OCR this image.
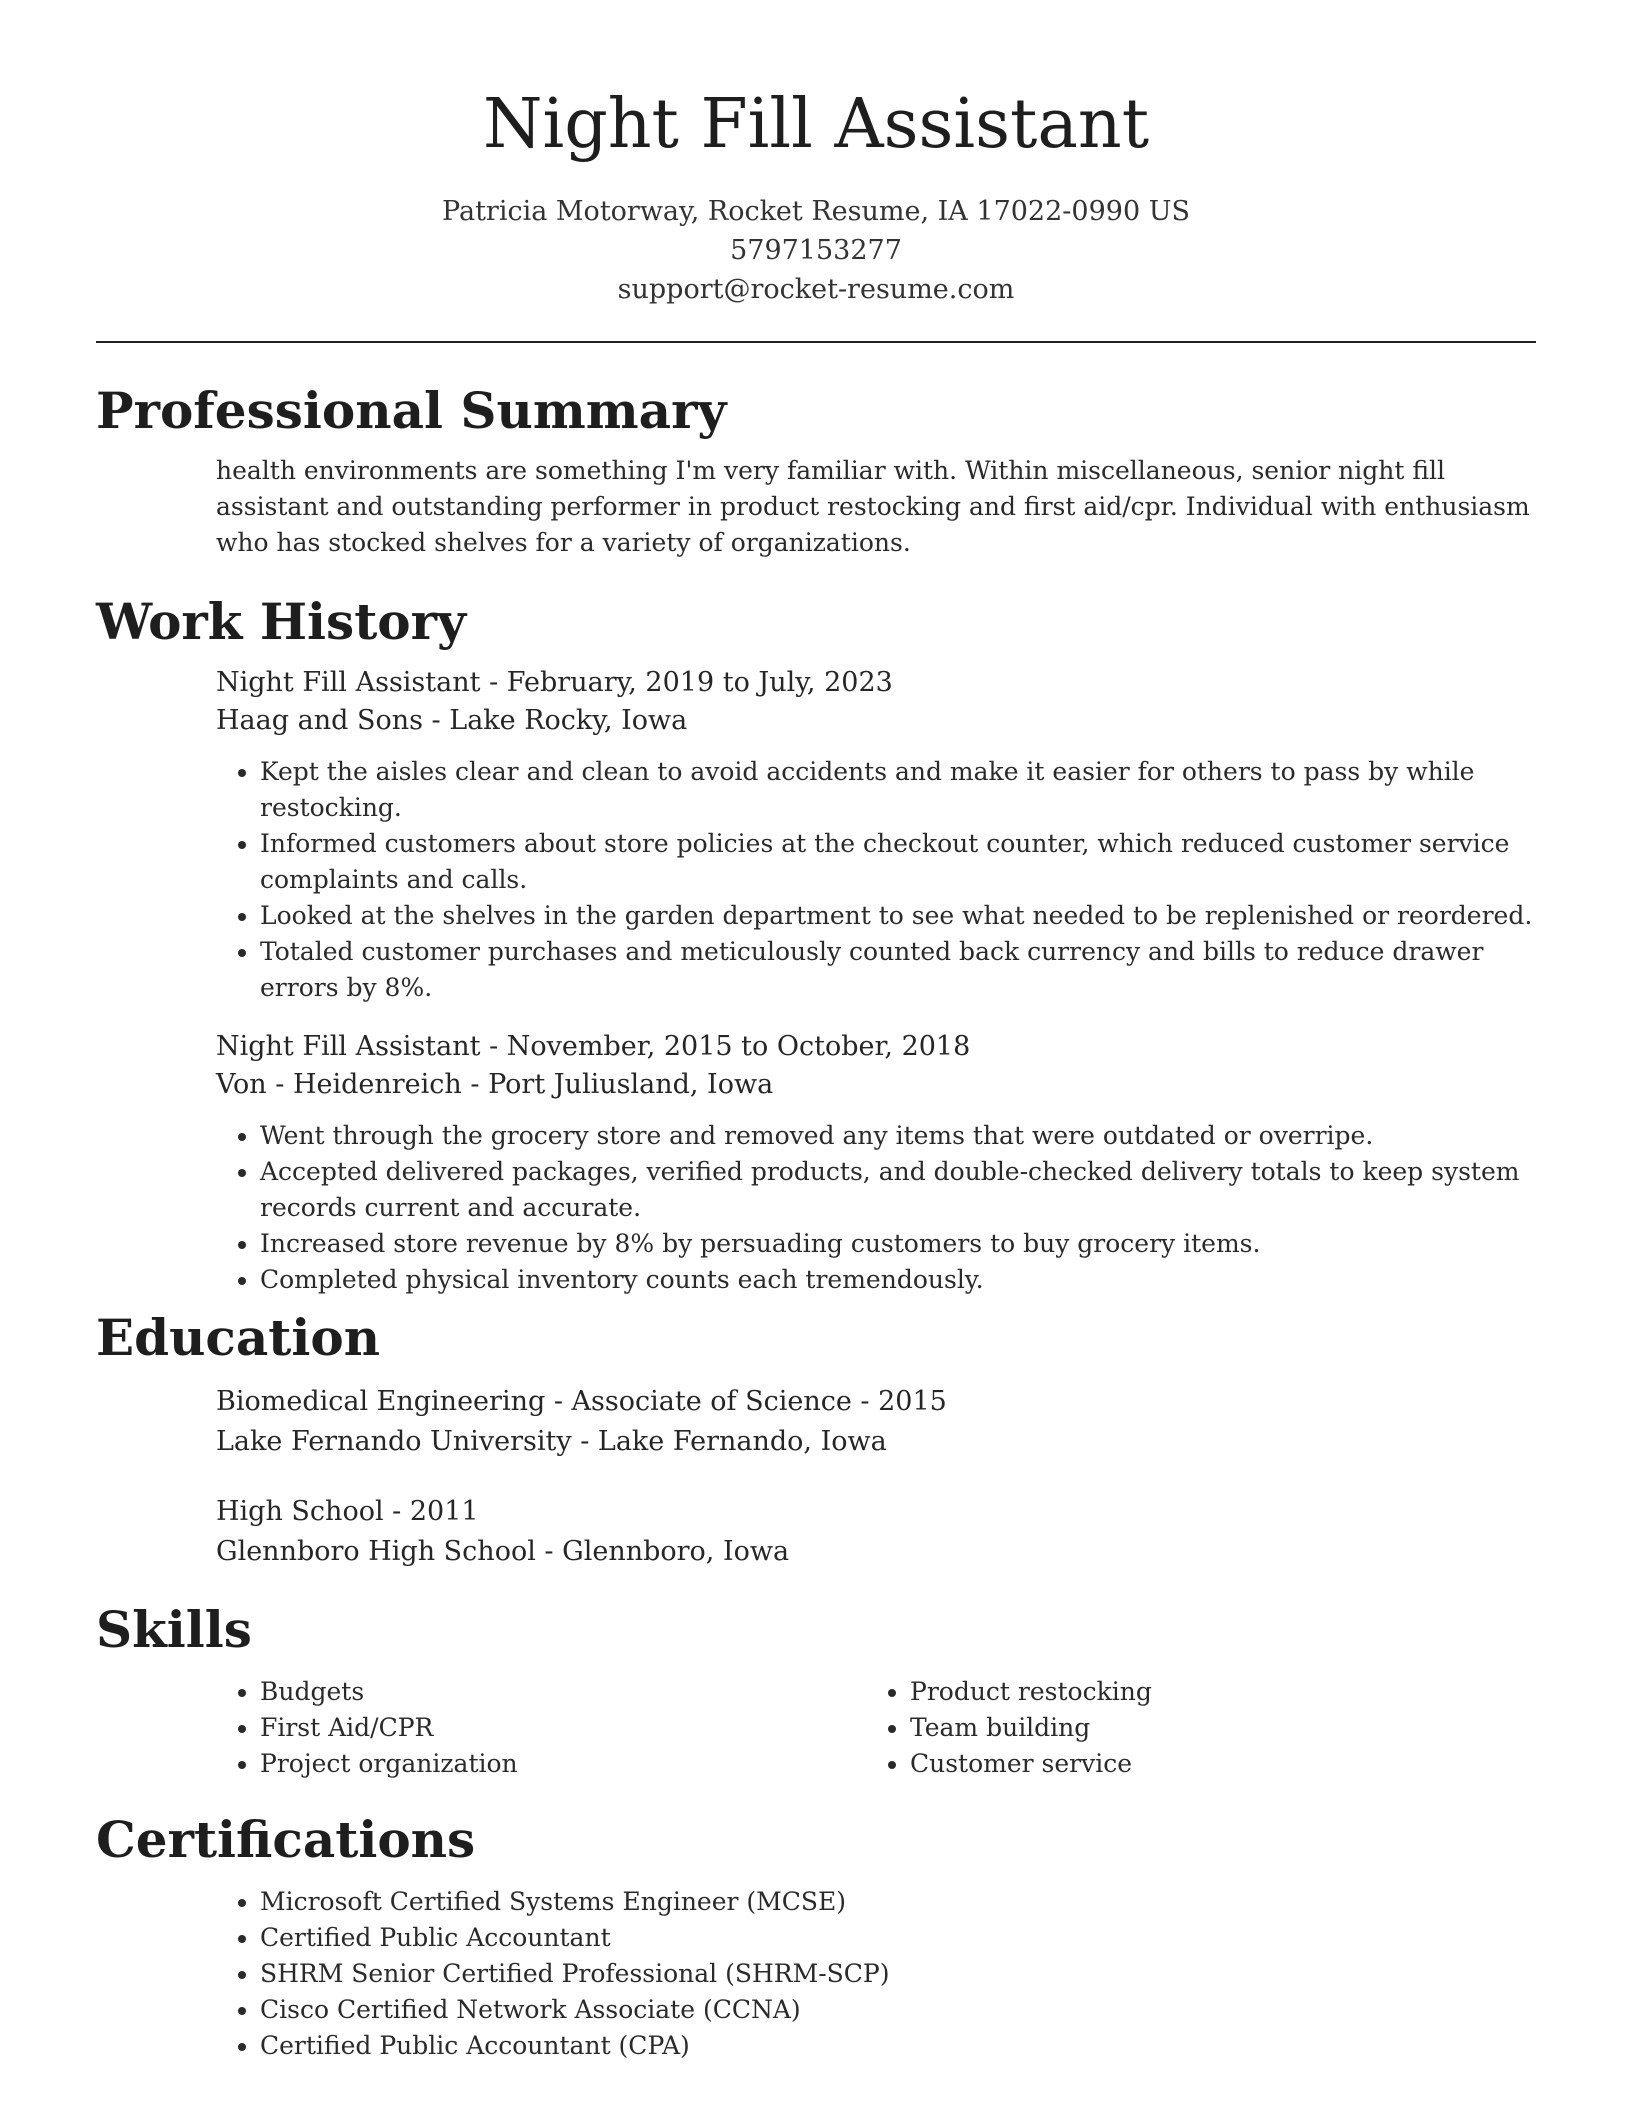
Night Fill Assistant
Patricia Motorway, Rocket Resume, IA 17022-0990 US
5797153277
support@rocket-resume.com
Professional Summary
health environments are something I'm very familiar with. Within miscellaneous, senior night fill assistant and outstanding performer in product restocking and first aid/cpr. Individual with enthusiasm who has stocked shelves for a variety of organizations.
Work History
Night Fill Assistant - February, 2019 to July, 2023
Haag and Sons - Lake Rocky, Iowa
• Kept the aisles clear and clean to avoid accidents and make it easier for others to pass by while restocking.
• Informed customers about store policies at the checkout counter, which reduced customer service complaints and calls.
• Looked at the shelves in the garden department to see what needed to be replenished or reordered.
• Totaled customer purchases and meticulously counted back currency and bills to reduce drawer errors by 8%.
Night Fill Assistant - November, 2015 to October, 2018
Von - Heidenreich - Port Juliusland, Iowa
• Went through the grocery store and removed any items that were outdated or overripe.
• Accepted delivered packages, verified products, and double-checked delivery totals to keep system records current and accurate.
• Increased store revenue by 8% by persuading customers to buy grocery items.
• Completed physical inventory counts each tremendously.
Education
Biomedical Engineering - Associate of Science - 2015
Lake Fernando University - Lake Fernando, Iowa
High School - 2011
Glennboro High School - Glennboro, Iowa
Skills
• Budgets
• First Aid/CPR
• Project organization
• Product restocking
• Team building
• Customer service
Certifications
• Microsoft Certified Systems Engineer (MCSE)
• Certified Public Accountant
• SHRM Senior Certified Professional (SHRM-SCP)
• Cisco Certified Network Associate (CCNA)
• Certified Public Accountant (CPA)
